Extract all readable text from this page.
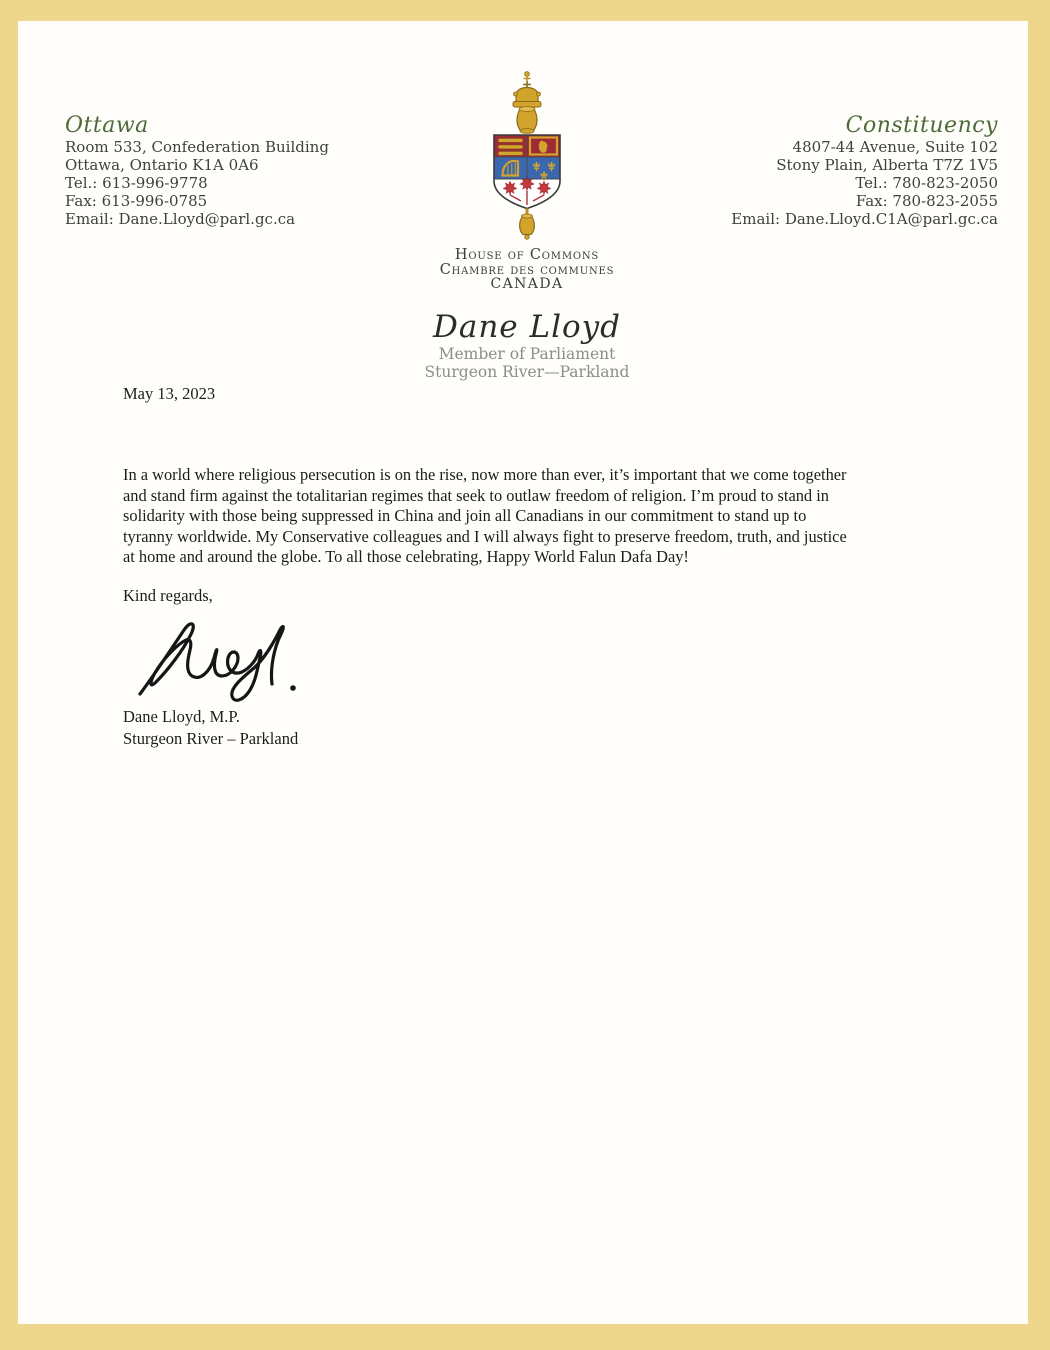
Ottawa
Room 533, Confederation Building
Ottawa, Ontario K1A 0A6
Tel.: 613-996-9778
Fax: 613-996-0785
Email: Dane.Lloyd@parl.gc.ca
Constituency
4807-44 Avenue, Suite 102
Stony Plain, Alberta T7Z 1V5
Tel.: 780-823-2050
Fax: 780-823-2055
Email: Dane.Lloyd.C1A@parl.gc.ca
House of Commons
Chambre des communes
CANADA
Dane Lloyd
Member of Parliament
Sturgeon River—Parkland
May 13, 2023
In a world where religious persecution is on the rise, now more than ever, it’s important that we come together
and stand firm against the totalitarian regimes that seek to outlaw freedom of religion. I’m proud to stand in
solidarity with those being suppressed in China and join all Canadians in our commitment to stand up to
tyranny worldwide. My Conservative colleagues and I will always fight to preserve freedom, truth, and justice
at home and around the globe. To all those celebrating, Happy World Falun Dafa Day!
Kind regards,
Dane Lloyd, M.P.
Sturgeon River – Parkland
